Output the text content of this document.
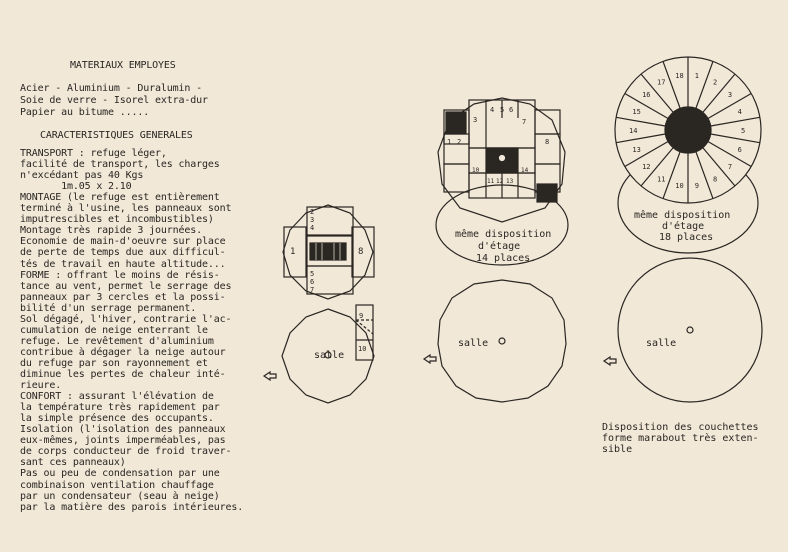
MATERIAUX EMPLOYES
Acier - Aluminium - Duralumin -
Soie de verre - Isorel extra-dur
Papier au bitume .....
CARACTERISTIQUES GENERALES
TRANSPORT : refuge léger,
facilité de transport, les charges
n'excédant pas 40 Kgs
1m.05 x 2.10
MONTAGE (le refuge est entièrement
terminé à l'usine, les panneaux sont
imputrescibles et incombustibles)
Montage très rapide 3 journées.
Economie de main-d'oeuvre sur place
de perte de temps due aux difficul-
tés de travail en haute altitude...
FORME : offrant le moins de résis-
tance au vent, permet le serrage des
panneaux par 3 cercles et la possi-
bilité d'un serrage permanent.
Sol dégagé, l'hiver, contrarie l'ac-
cumulation de neige enterrant le
refuge. Le revêtement d'aluminium
contribue à dégager la neige autour
du refuge par son rayonnement et
diminue les pertes de chaleur inté-
rieure.
CONFORT : assurant l'élévation de
la température très rapidement par
la simple présence des occupants.
Isolation (l'isolation des panneaux
eux-mêmes, joints imperméables, pas
de corps conducteur de froid traver-
sant ces panneaux)
Pas ou peu de condensation par une
combinaison ventilation chauffage
par un condensateur (seau à neige)
par la matière des parois intérieures.
salle
salle	salle
1
2
3
4
5
6
7
8
9
10
1 2
3
4 5 6
7
8
10
11 12 13
14
même disposition
d'étage
14 places.
même disposition
d'étage
18 places
Disposition des couchettes
forme marabout très exten-
sible
1
2
3
4
5
6
7
8
9
10
11
12
13
14
15
16
17
18
